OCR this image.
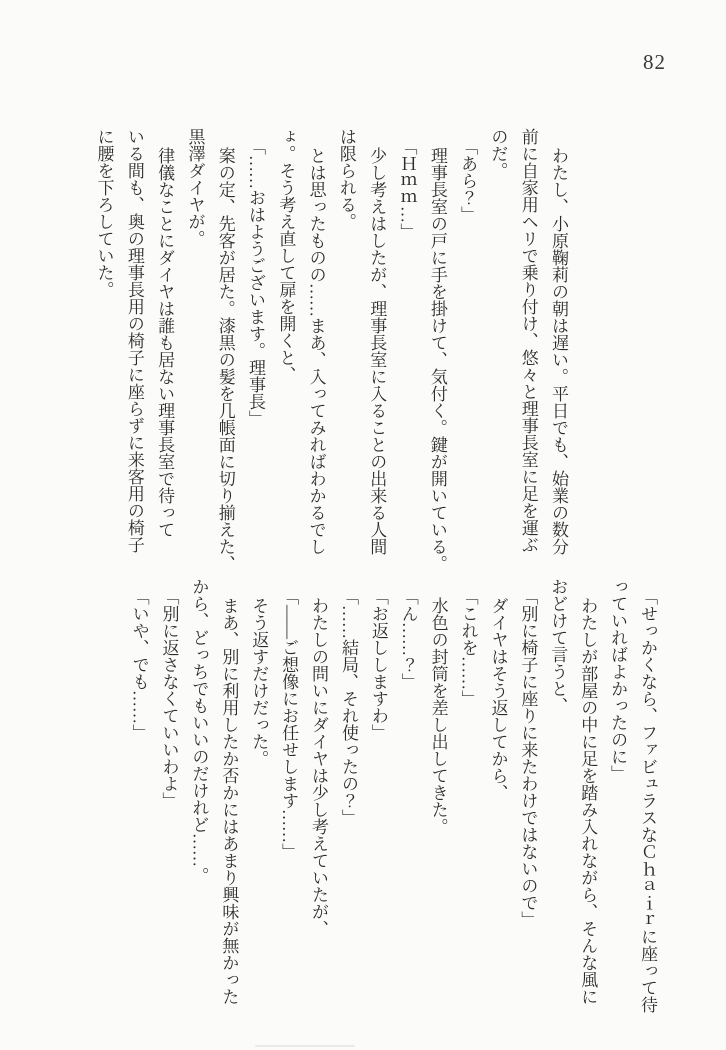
82

わたし、小原鞠莉の朝は遅い。平日でも、始業の数分

前に自家用ヘリで乗り付け、悠々と理事長室に足を運ぶ

のだ。

「あら？」

理事長室の戸に手を掛けて、気付く。鍵が開いている。

「Ｈｍｍ…」

少し考えはしたが、理事長室に入ることの出来る人間

は限られる。

とは思ったものの……まあ、入ってみればわかるでし

ょ。そう考え直して扉を開くと、

「……おはようございます。理事長」

案の定、先客が居た。漆黒の髪を几帳面に切り揃えた、

黒澤ダイヤが。

律儀なことにダイヤは誰も居ない理事長室で待って

いる間も、奥の理事長用の椅子に座らずに来客用の椅子

に腰を下ろしていた。

「せっかくなら、ファビュラスなＣｈａｉｒに座って待

っていればよかったのに」

わたしが部屋の中に足を踏み入れながら、そんな風に

おどけて言うと、

「別に椅子に座りに来たわけではないので」

ダイヤはそう返してから、

「これを……」

水色の封筒を差し出してきた。

「ん……？」

「お返ししますわ」

「……結局、それ使ったの？」

わたしの問いにダイヤは少し考えていたが、

「――ご想像にお任せします……」

そう返すだけだった。

まあ、別に利用したか否かにはあまり興味が無かった

から、どっちでもいいのだけれど……。

「別に返さなくていいわよ」

「いや、でも……」
